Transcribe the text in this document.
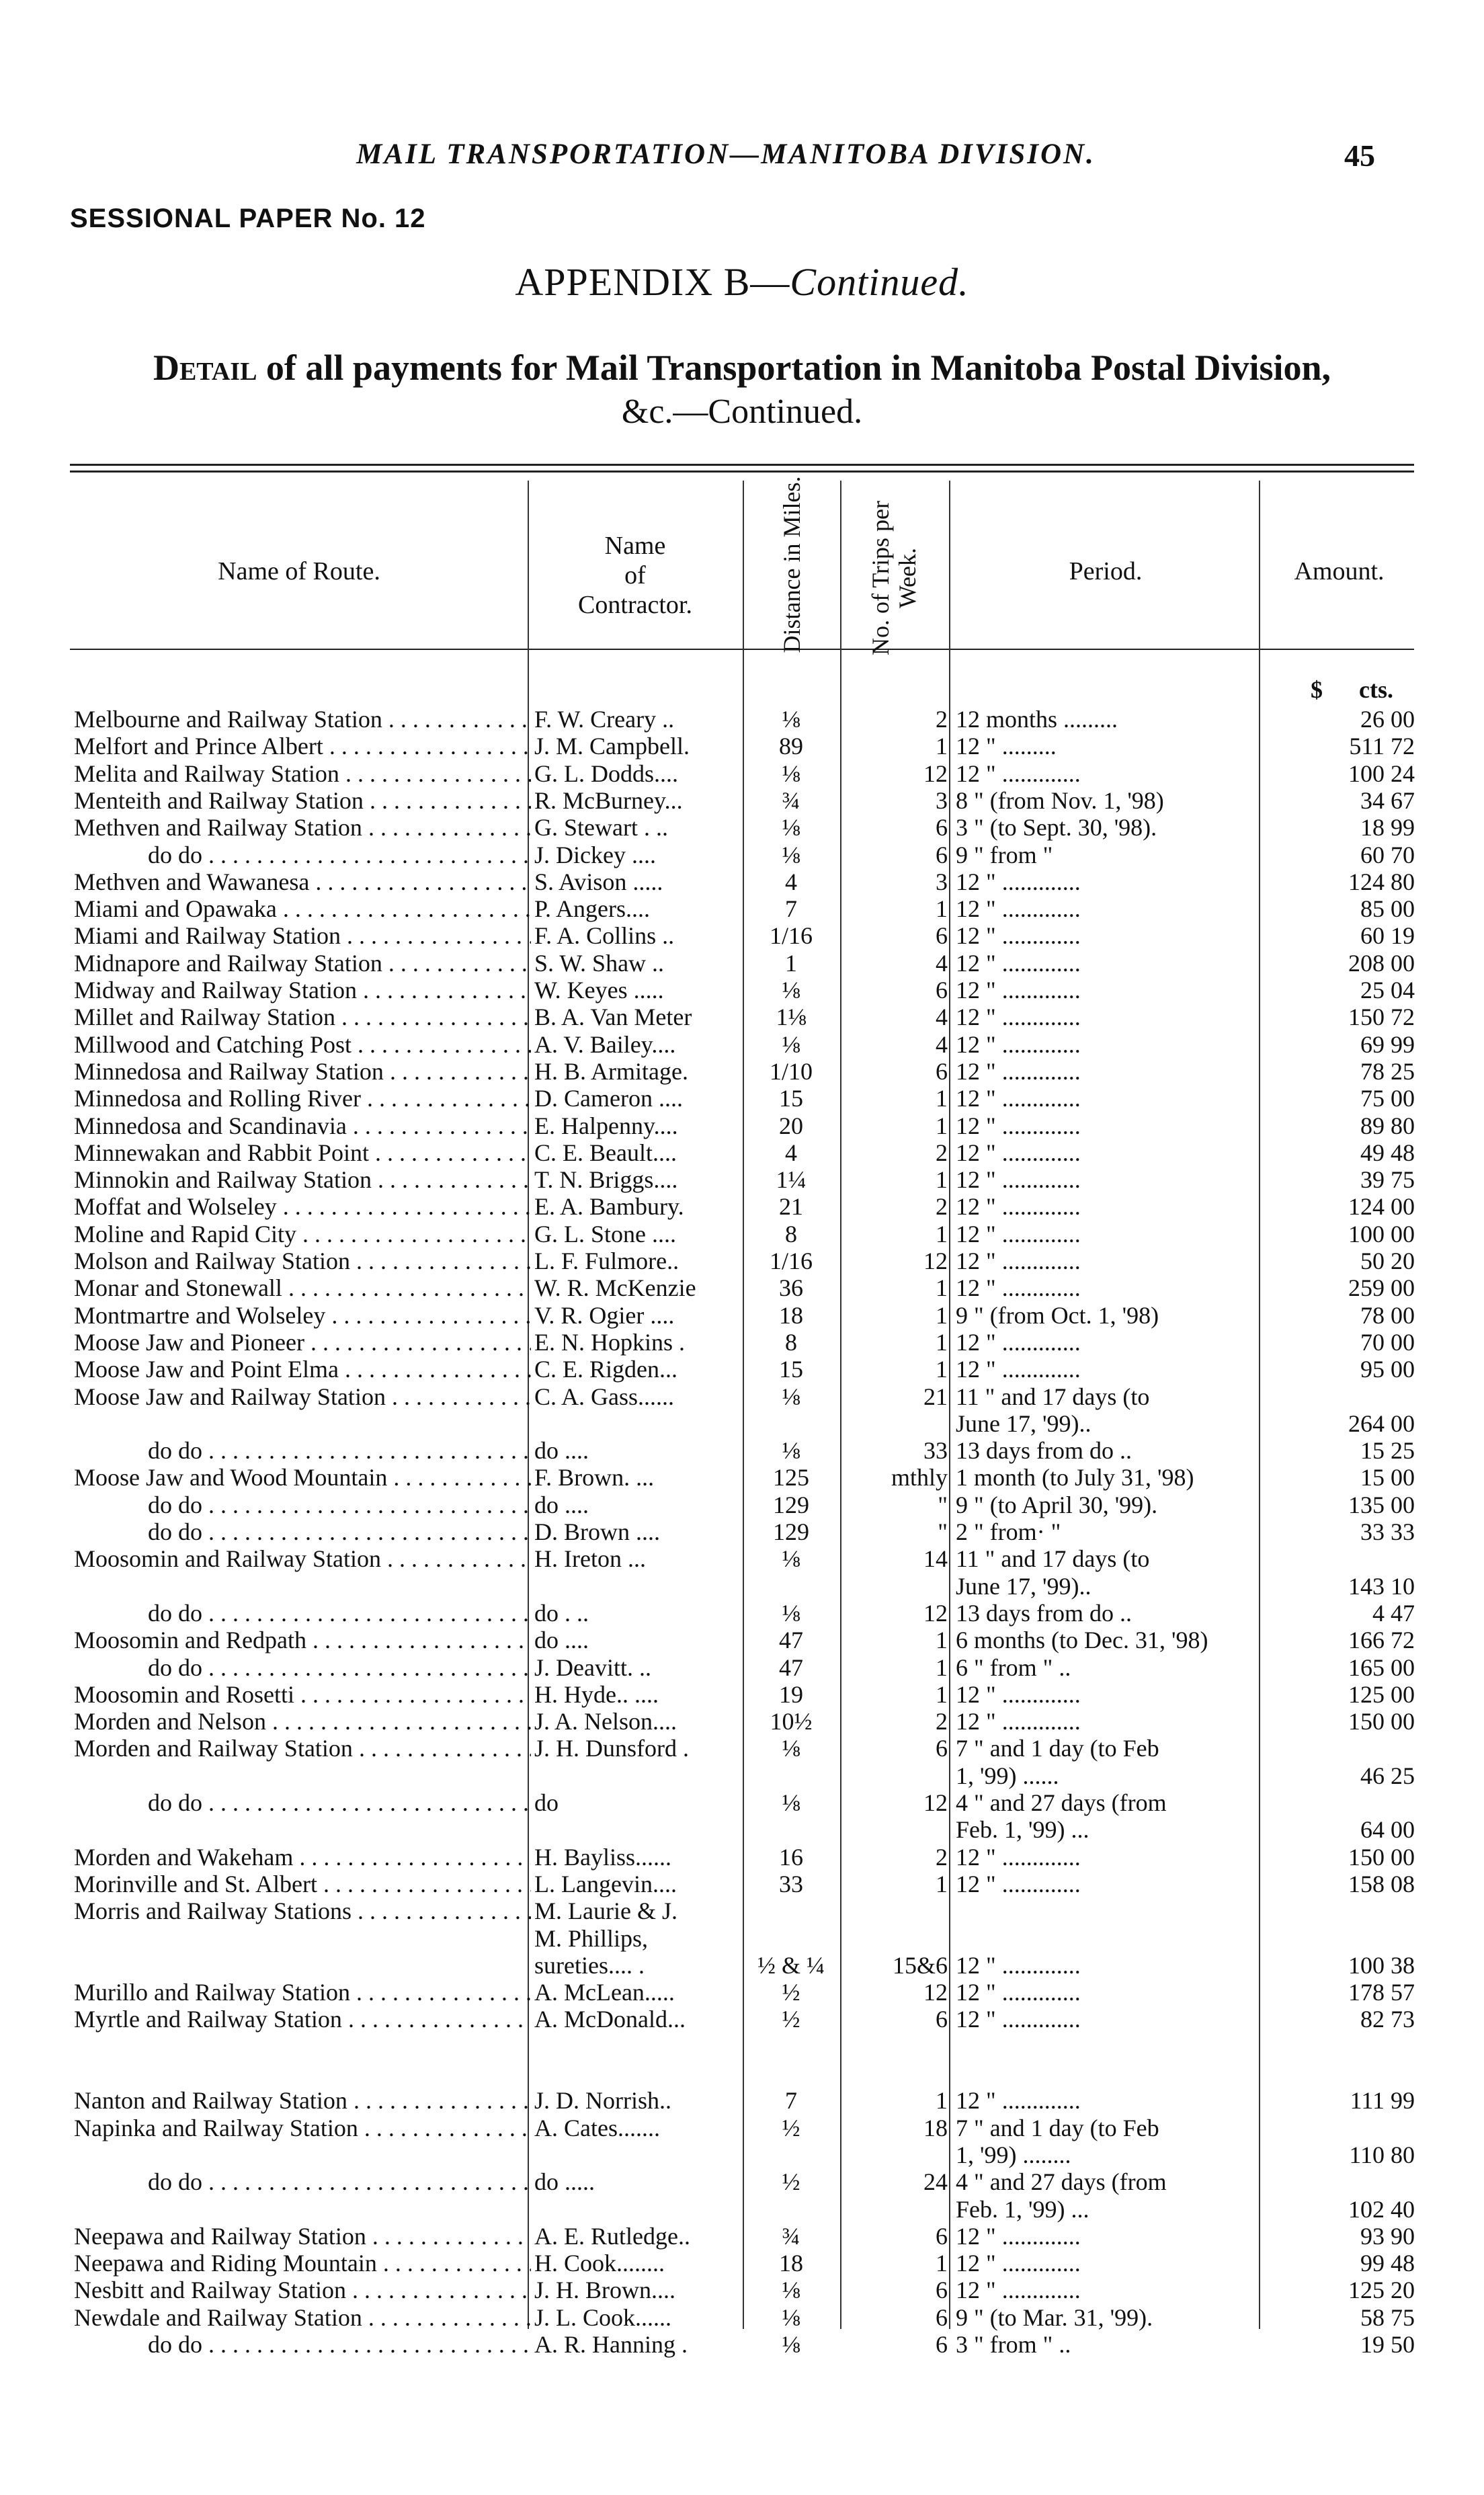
MAIL TRANSPORTATION—MANITOBA DIVISION.	45
SESSIONAL PAPER No. 12
APPENDIX B—Continued.
Detail of all payments for Mail Transportation in Manitoba Postal Division,
&c.—Continued.
Name of Route.
Name
of
Contractor.	Distance in Miles.	No. of Trips per Week.	Period.	Amount.
$      cts.
Melbourne and Railway Station . . .	F. W. Creary ..	⅛	2 12 months .........	26 00
Melfort and Prince Albert . . .	J. M. Campbell.	89	1 12 " .........	511 72
Melita and Railway Station . . .	G. L. Dodds....	⅛	12 12 " .............	100 24
Menteith and Railway Station . . .	R. McBurney...	¾	3 8 " (from Nov. 1, '98)	34 67
Methven and Railway Station . . .	G. Stewart . ..	⅛	6 3 " (to Sept. 30, '98).	18 99
do do . . .	J. Dickey ....	⅛	6 9 " from "	60 70
Methven and Wawanesa . . .	S. Avison .....	4	3 12 " .............	124 80
Miami and Opawaka . . .	P. Angers....	7	1 12 " .............	85 00
Miami and Railway Station . . .	F. A. Collins ..	1/16	6 12 " .............	60 19
Midnapore and Railway Station . . .	S. W. Shaw ..	1	4 12 " .............	208 00
Midway and Railway Station . . .	W. Keyes .....	⅛	6 12 " .............	25 04
Millet and Railway Station . . .	B. A. Van Meter	1⅛	4 12 " .............	150 72
Millwood and Catching Post . . .	A. V. Bailey....	⅛	4 12 " .............	69 99
Minnedosa and Railway Station . . .	H. B. Armitage.	1/10	6 12 " .............	78 25
Minnedosa and Rolling River . . .	D. Cameron ....	15	1 12 " .............	75 00
Minnedosa and Scandinavia . . .	E. Halpenny....	20	1 12 " .............	89 80
Minnewakan and Rabbit Point . . .	C. E. Beault....	4	2 12 " .............	49 48
Minnokin and Railway Station . . .	T. N. Briggs....	1¼	1 12 " .............	39 75
Moffat and Wolseley . . .	E. A. Bambury.	21	2 12 " .............	124 00
Moline and Rapid City . . .	G. L. Stone ....	8	1 12 " .............	100 00
Molson and Railway Station . . .	L. F. Fulmore..	1/16	12 12 " .............	50 20
Monar and Stonewall . . .	W. R. McKenzie	36	1 12 " .............	259 00
Montmartre and Wolseley . . .	V. R. Ogier ....	18	1 9 " (from Oct. 1, '98)	78 00
Moose Jaw and Pioneer . . .	E. N. Hopkins .	8	1 12 " .............	70 00
Moose Jaw and Point Elma . . .	C. E. Rigden...	15	1 12 " .............	95 00
Moose Jaw and Railway Station . . .	C. A. Gass......	⅛	21 11 " and 17 days (to
June 17, '99)..	264 00
do do . . .	do ....	⅛	33 13 days from do ..	15 25
Moose Jaw and Wood Mountain . . .	F. Brown. ...	125	mthly 1 month (to July 31, '98)	15 00
do do . . .	do ....	129	" 9 " (to April 30, '99).	135 00
do do . . .	D. Brown ....	129	" 2 " from· "	33 33
Moosomin and Railway Station . . .	H. Ireton ...	⅛	14 11 " and 17 days (to
June 17, '99)..	143 10
do do . . .	do . ..	⅛	12 13 days from do ..	4 47
Moosomin and Redpath . . .	do ....	47	1 6 months (to Dec. 31, '98)	166 72
do do . . .	J. Deavitt. ..	47	1 6 " from " ..	165 00
Moosomin and Rosetti . . .	H. Hyde.. ....	19	1 12 " .............	125 00
Morden and Nelson . . .	J. A. Nelson....	10½	2 12 " .............	150 00
Morden and Railway Station . . .	J. H. Dunsford .	⅛	6 7 " and 1 day (to Feb
1, '99) ......	46 25
do do . . .	do	⅛	12 4 " and 27 days (from
Feb. 1, '99) ...	64 00
Morden and Wakeham . . .	H. Bayliss......	16	2 12 " .............	150 00
Morinville and St. Albert . . .	L. Langevin....	33	1 12 " .............	158 08
Morris and Railway Stations . . .	M. Laurie & J.
M. Phillips,
sureties.... .	½ & ¼	15&6 12 " .............	100 38
Murillo and Railway Station . . .	A. McLean.....	½	12 12 " .............	178 57
Myrtle and Railway Station . . .	A. McDonald...	½	6 12 " .............	82 73
Nanton and Railway Station . . .	J. D. Norrish..	7	1 12 " .............	111 99
Napinka and Railway Station . . .	A. Cates.......	½	18 7 " and 1 day (to Feb
1, '99) ........	110 80
do do . . .	do .....	½	24 4 " and 27 days (from
Feb. 1, '99) ...	102 40
Neepawa and Railway Station . . .	A. E. Rutledge..	¾	6 12 " .............	93 90
Neepawa and Riding Mountain . . .	H. Cook........	18	1 12 " .............	99 48
Nesbitt and Railway Station . . .	J. H. Brown....	⅛	6 12 " .............	125 20
Newdale and Railway Station . . .	J. L. Cook......	⅛	6 9 " (to Mar. 31, '99).	58 75
do do . . .	A. R. Hanning .	⅛	6 3 " from " ..	19 50
